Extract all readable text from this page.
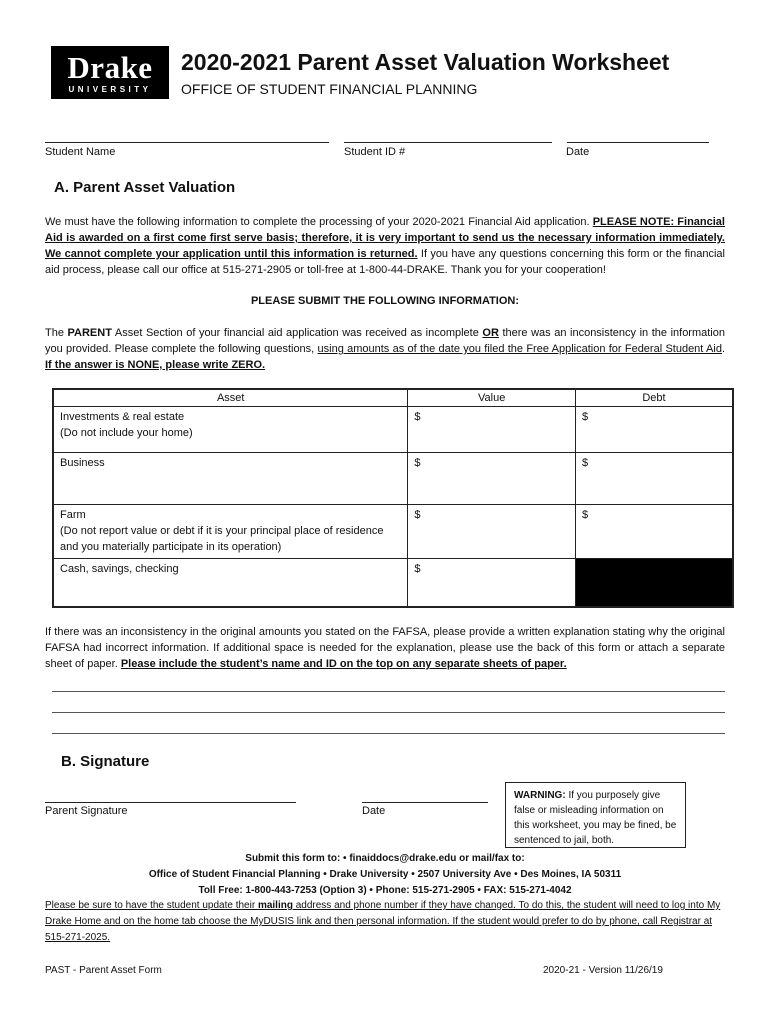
Drake
UNIVERSITY
2020-2021 Parent Asset Valuation Worksheet
OFFICE OF STUDENT FINANCIAL PLANNING
Student Name	Student ID #	Date
A. Parent Asset Valuation
We must have the following information to complete the processing of your 2020-2021 Financial Aid application. PLEASE NOTE: Financial Aid is awarded on a first come first serve basis; therefore, it is very important to send us the necessary information immediately. We cannot complete your application until this information is returned. If you have any questions concerning this form or the financial aid process, please call our office at 515-271-2905 or toll-free at 1-800-44-DRAKE. Thank you for your cooperation!
PLEASE SUBMIT THE FOLLOWING INFORMATION:
The PARENT Asset Section of your financial aid application was received as incomplete OR there was an inconsistency in the information you provided. Please complete the following questions, using amounts as of the date you filed the Free Application for Federal Student Aid. If the answer is NONE, please write ZERO.
Asset	Value	Debt

Investments & real estate
(Do not include your home)	$	$
Business	$	$

Farm
(Do not report value or debt if it is your principal place of residence and you materially participate in its operation)	$	$
Cash, savings, checking	$	
If there was an inconsistency in the original amounts you stated on the FAFSA, please provide a written explanation stating why the original FAFSA had incorrect information. If additional space is needed for the explanation, please use the back of this form or attach a separate sheet of paper. Please include the student’s name and ID on the top on any separate sheets of paper.
B. Signature
Parent Signature	Date
WARNING: If you purposely give false or misleading information on this worksheet, you may be fined, be sentenced to jail, both.
Submit this form to: • finaiddocs@drake.edu or mail/fax to:
Office of Student Financial Planning • Drake University • 2507 University Ave • Des Moines, IA 50311
Toll Free: 1-800-443-7253 (Option 3) • Phone: 515-271-2905 • FAX: 515-271-4042
Please be sure to have the student update their mailing address and phone number if they have changed. To do this, the student will need to log into My Drake Home and on the home tab choose the MyDUSIS link and then personal information. If the student would prefer to do by phone, call Registrar at 515-271-2025.
PAST - Parent Asset Form	2020-21 - Version 11/26/19
